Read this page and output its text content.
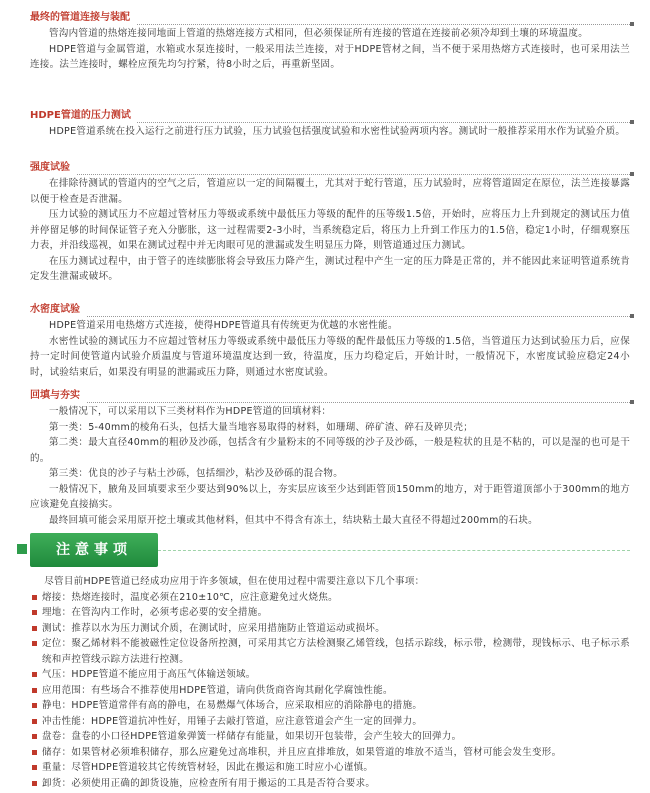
最终的管道连接与装配

管沟内管道的热熔连接同地面上管道的热熔连接方式相同，但必须保证所有连接的管道在连接前必须冷却到土壤的环境温度。

HDPE管道与金属管道，水箱或水泵连接时，一般采用法兰连接，对于HDPE管材之间，当不便于采用热熔方式连接时，也可采用法兰连接。法兰连接时，螺栓应预先均匀拧紧，待8小时之后，再重新坚固。

HDPE管道的压力测试

HDPE管道系统在投入运行之前进行压力试验，压力试验包括强度试验和水密性试验两项内容。测试时一般推荐采用水作为试验介质。

强度试验

在排除待测试的管道内的空气之后，管道应以一定的间隔覆土，尤其对于蛇行管道，压力试验时，应将管道固定在原位，法兰连接暴露以便于检查是否泄漏。

压力试验的测试压力不应超过管材压力等级或系统中最低压力等级的配件的压等级1.5倍，开始时，应将压力上升到规定的测试压力值并停留足够的时间保证管子充入分膨胀，这一过程需要2-3小时，当系统稳定后，将压力上升到工作压力的1.5倍，稳定1小时，仔细观察压力表，并沿线巡视，如果在测试过程中并无肉眼可见的泄漏或发生明显压力降，则管道通过压力测试。

在压力测试过程中，由于管子的连续膨胀将会导致压力降产生，测试过程中产生一定的压力降是正常的，并不能因此来证明管道系统肯定发生泄漏或破坏。

水密度试验

HDPE管道采用电热熔方式连接，使得HDPE管道具有传统更为优越的水密性能。

水密性试验的测试压力不应超过管材压力等级或系统中最低压力等级的配件最低压力等级的1.5倍，当管道压力达到试验压力后，应保持一定时间使管道内试验介质温度与管道环境温度达到一致，待温度，压力均稳定后，开始计时，一般情况下，水密度试验应稳定24小时，试验结束后，如果没有明显的泄漏或压力降，则通过水密度试验。

回填与夯实

一般情况下，可以采用以下三类材料作为HDPE管道的回填材料：

第一类：5-40mm的棱角石头，包括大量当地容易取得的材料，如珊瑚、碎矿渣、碎石及碎贝壳；

第二类：最大直径40mm的粗砂及沙砾，包括含有少量粉末的不同等级的沙子及沙砾，一般是粒状的且是不粘的，可以是湿的也可是干的。

第三类：优良的沙子与粘土沙砾，包括细沙，粘沙及砂砾的混合物。

一般情况下，腋角及回填要求至少要达到90%以上，夯实层应该至少达到距管顶150mm的地方，对于距管道顶部小于300mm的地方应该避免直接搞实。

最终回填可能会采用原开挖土壤或其他材料，但其中不得含有冻土，结块粘土最大直径不得超过200mm的石块。

注意事项

尽管目前HDPE管道已经成功应用于许多领域，但在使用过程中需要注意以下几个事项：

熔接：热熔连接时，温度必须在210±10℃，应注意避免过火烧焦。

埋地：在管沟内工作时，必须考虑必要的安全措施。

测试：推荐以水为压力测试介质，在测试时，应采用措施防止管道运动或损坏。

定位：聚乙烯材料不能被磁性定位设备所控测，可采用其它方法检测聚乙烯管线，包括示踪线，标示带，检测带，现钱标示、电子标示系统和声控管线示踪方法进行控测。

气压：HDPE管道不能应用于高压气体输送领域。

应用范围：有些场合不推荐使用HDPE管道，请向供货商咨询其耐化学腐蚀性能。

静电：HDPE管道常伴有高的静电，在易燃爆气体场合，应采取相应的消除静电的措施。

冲击性能：HDPE管道抗冲性好，用锤子去敲打管道，应注意管道会产生一定的回弹力。

盘卷：盘卷的小口径HDPE管道象弹簧一样储存有能量，如果切开包装带，会产生较大的回弹力。

储存：如果管材必须堆积储存，那么应避免过高堆积，并且应直排堆放，如果管道的堆放不适当，管材可能会发生变形。

重量：尽管HDPE管道较其它传统管材轻，因此在搬运和施工时应小心谨慎。

卸货：必须使用正确的卸货设施，应检查所有用于搬运的工具是否符合要求。
